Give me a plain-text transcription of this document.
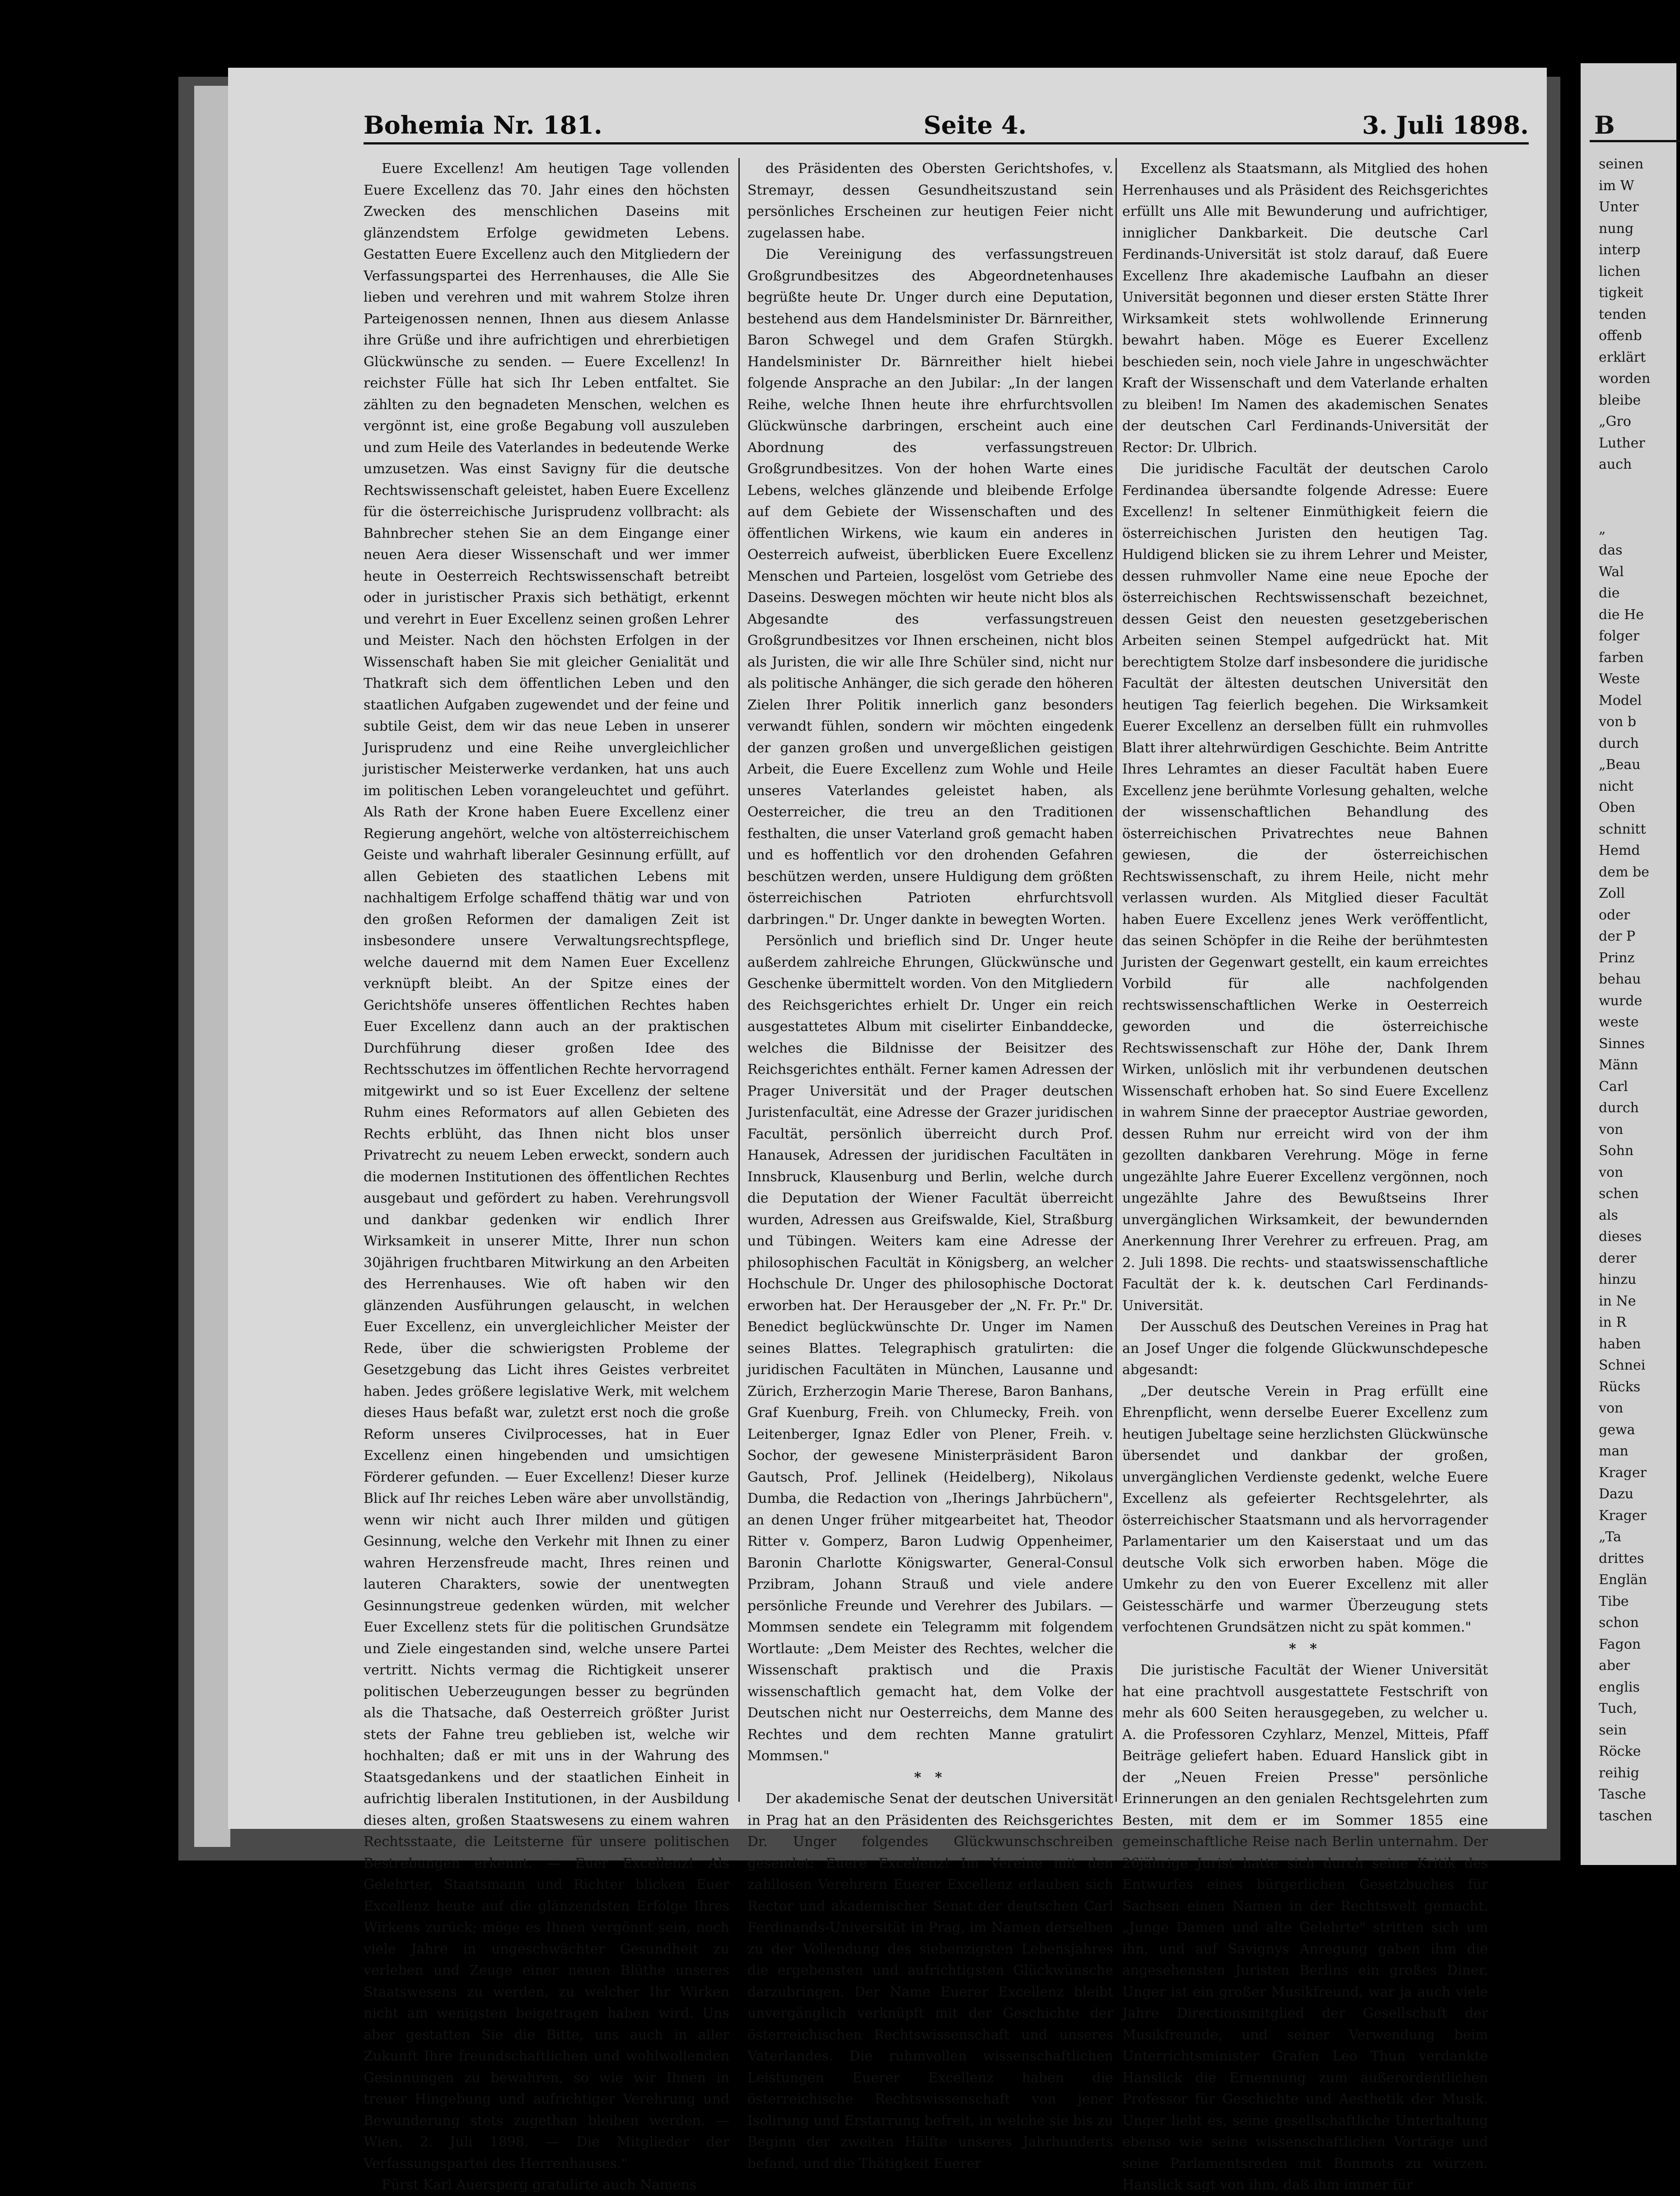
Bohemia Nr. 181.	Seite 4.	3. Juli 1898.

Euere Excellenz! Am heutigen Tage vollenden Euere Excellenz das 70. Jahr eines den höchsten Zwecken des menschlichen Daseins mit glänzendstem Erfolge gewidmeten Lebens. Gestatten Euere Excellenz auch den Mitgliedern der Verfassungspartei des Herrenhauses, die Alle Sie lieben und verehren und mit wahrem Stolze ihren Parteigenossen nennen, Ihnen aus diesem Anlasse ihre Grüße und ihre aufrichtigen und ehrerbietigen Glückwünsche zu senden. — Euere Excellenz! In reichster Fülle hat sich Ihr Leben entfaltet. Sie zählten zu den begnadeten Menschen, welchen es vergönnt ist, eine große Begabung voll auszuleben und zum Heile des Vaterlandes in bedeutende Werke umzusetzen. Was einst Savigny für die deutsche Rechtswissenschaft geleistet, haben Euere Excellenz für die österreichische Jurisprudenz vollbracht: als Bahnbrecher stehen Sie an dem Eingange einer neuen Aera dieser Wissenschaft und wer immer heute in Oesterreich Rechtswissenschaft betreibt oder in juristischer Praxis sich bethätigt, erkennt und verehrt in Euer Excellenz seinen großen Lehrer und Meister. Nach den höchsten Erfolgen in der Wissenschaft haben Sie mit gleicher Genialität und Thatkraft sich dem öffentlichen Leben und den staatlichen Aufgaben zugewendet und der feine und subtile Geist, dem wir das neue Leben in unserer Jurisprudenz und eine Reihe unvergleichlicher juristischer Meisterwerke verdanken, hat uns auch im politischen Leben vorangeleuchtet und geführt. Als Rath der Krone haben Euere Excellenz einer Regierung angehört, welche von altösterreichischem Geiste und wahrhaft liberaler Gesinnung erfüllt, auf allen Gebieten des staatlichen Lebens mit nachhaltigem Erfolge schaffend thätig war und von den großen Reformen der damaligen Zeit ist insbesondere unsere Verwaltungsrechtspflege, welche dauernd mit dem Namen Euer Excellenz verknüpft bleibt. An der Spitze eines der Gerichtshöfe unseres öffentlichen Rechtes haben Euer Excellenz dann auch an der praktischen Durchführung dieser großen Idee des Rechtsschutzes im öffentlichen Rechte hervorragend mitgewirkt und so ist Euer Excellenz der seltene Ruhm eines Reformators auf allen Gebieten des Rechts erblüht, das Ihnen nicht blos unser Privatrecht zu neuem Leben erweckt, sondern auch die modernen Institutionen des öffentlichen Rechtes ausgebaut und gefördert zu haben. Verehrungsvoll und dankbar gedenken wir endlich Ihrer Wirksamkeit in unserer Mitte, Ihrer nun schon 30jährigen fruchtbaren Mitwirkung an den Arbeiten des Herrenhauses. Wie oft haben wir den glänzenden Ausführungen gelauscht, in welchen Euer Excellenz, ein unvergleichlicher Meister der Rede, über die schwierigsten Probleme der Gesetzgebung das Licht ihres Geistes verbreitet haben. Jedes größere legislative Werk, mit welchem dieses Haus befaßt war, zuletzt erst noch die große Reform unseres Civilprocesses, hat in Euer Excellenz einen hingebenden und umsichtigen Förderer gefunden. — Euer Excellenz! Dieser kurze Blick auf Ihr reiches Leben wäre aber unvollständig, wenn wir nicht auch Ihrer milden und gütigen Gesinnung, welche den Verkehr mit Ihnen zu einer wahren Herzensfreude macht, Ihres reinen und lauteren Charakters, sowie der unentwegten Gesinnungstreue gedenken würden, mit welcher Euer Excellenz stets für die politischen Grundsätze und Ziele eingestanden sind, welche unsere Partei vertritt. Nichts vermag die Richtigkeit unserer politischen Ueberzeugungen besser zu begründen als die Thatsache, daß Oesterreich größter Jurist stets der Fahne treu geblieben ist, welche wir hochhalten; daß er mit uns in der Wahrung des Staatsgedankens und der staatlichen Einheit in aufrichtig liberalen Institutionen, in der Ausbildung dieses alten, großen Staatswesens zu einem wahren Rechtsstaate, die Leitsterne für unsere politischen Bestrebungen erkennt. — Euer Excellenz! Als Gelehrter, Staatsmann und Richter blicken Euer Excellenz heute auf die glänzendsten Erfolge Ihres Wirkens zurück; möge es Ihnen vergönnt sein, noch viele Jahre in ungeschwächter Gesundheit zu verleben und Zeuge einer neuen Blüthe unseres Staatswesens zu werden, zu welcher Ihr Wirken nicht am wenigsten beigetragen haben wird. Uns aber gestatten Sie die Bitte, uns auch in aller Zukunft Ihre freundschaftlichen und wohlwollenden Gesinnungen zu bewahren, so wie wir Ihnen in treuer Hingebung und aufrichtiger Verehrung und Bewunderung stets zugethan bleiben werden. — Wien, 2. Juli 1898. — Die Mitglieder der Verfassungspartei des Herrenhauses."

Fürst Karl Auersperg gratulirte auch Namens

des Präsidenten des Obersten Gerichtshofes, v. Stremayr, dessen Gesundheitszustand sein persönliches Erscheinen zur heutigen Feier nicht zugelassen habe.

Die Vereinigung des verfassungstreuen Großgrundbesitzes des Abgeordnetenhauses begrüßte heute Dr. Unger durch eine Deputation, bestehend aus dem Handelsminister Dr. Bärnreither, Baron Schwegel und dem Grafen Stürgkh. Handelsminister Dr. Bärnreither hielt hiebei folgende Ansprache an den Jubilar: „In der langen Reihe, welche Ihnen heute ihre ehrfurchtsvollen Glückwünsche darbringen, erscheint auch eine Abordnung des verfassungstreuen Großgrundbesitzes. Von der hohen Warte eines Lebens, welches glänzende und bleibende Erfolge auf dem Gebiete der Wissenschaften und des öffentlichen Wirkens, wie kaum ein anderes in Oesterreich aufweist, überblicken Euere Excellenz Menschen und Parteien, losgelöst vom Getriebe des Daseins. Deswegen möchten wir heute nicht blos als Abgesandte des verfassungstreuen Großgrundbesitzes vor Ihnen erscheinen, nicht blos als Juristen, die wir alle Ihre Schüler sind, nicht nur als politische Anhänger, die sich gerade den höheren Zielen Ihrer Politik innerlich ganz besonders verwandt fühlen, sondern wir möchten eingedenk der ganzen großen und unvergeßlichen geistigen Arbeit, die Euere Excellenz zum Wohle und Heile unseres Vaterlandes geleistet haben, als Oesterreicher, die treu an den Traditionen festhalten, die unser Vaterland groß gemacht haben und es hoffentlich vor den drohenden Gefahren beschützen werden, unsere Huldigung dem größten österreichischen Patrioten ehrfurchtsvoll darbringen." Dr. Unger dankte in bewegten Worten.

Persönlich und brieflich sind Dr. Unger heute außerdem zahlreiche Ehrungen, Glückwünsche und Geschenke übermittelt worden. Von den Mitgliedern des Reichsgerichtes erhielt Dr. Unger ein reich ausgestattetes Album mit ciselirter Einbanddecke, welches die Bildnisse der Beisitzer des Reichsgerichtes enthält. Ferner kamen Adressen der Prager Universität und der Prager deutschen Juristenfacultät, eine Adresse der Grazer juridischen Facultät, persönlich überreicht durch Prof. Hanausek, Adressen der juridischen Facultäten in Innsbruck, Klausenburg und Berlin, welche durch die Deputation der Wiener Facultät überreicht wurden, Adressen aus Greifswalde, Kiel, Straßburg und Tübingen. Weiters kam eine Adresse der philosophischen Facultät in Königsberg, an welcher Hochschule Dr. Unger des philosophische Doctorat erworben hat. Der Herausgeber der „N. Fr. Pr." Dr. Benedict beglückwünschte Dr. Unger im Namen seines Blattes. Telegraphisch gratulirten: die juridischen Facultäten in München, Lausanne und Zürich, Erzherzogin Marie Therese, Baron Banhans, Graf Kuenburg, Freih. von Chlumecky, Freih. von Leitenberger, Ignaz Edler von Plener, Freih. v. Sochor, der gewesene Ministerpräsident Baron Gautsch, Prof. Jellinek (Heidelberg), Nikolaus Dumba, die Redaction von „Iherings Jahrbüchern", an denen Unger früher mitgearbeitet hat, Theodor Ritter v. Gomperz, Baron Ludwig Oppenheimer, Baronin Charlotte Königswarter, General-Consul Przibram, Johann Strauß und viele andere persönliche Freunde und Verehrer des Jubilars. — Mommsen sendete ein Telegramm mit folgendem Wortlaute: „Dem Meister des Rechtes, welcher die Wissenschaft praktisch und die Praxis wissenschaftlich gemacht hat, dem Volke der Deutschen nicht nur Oesterreichs, dem Manne des Rechtes und dem rechten Manne gratulirt Mommsen."

* *

Der akademische Senat der deutschen Universität in Prag hat an den Präsidenten des Reichsgerichtes Dr. Unger folgendes Glückwunschschreiben gesendet: Euere Excellenz! Im Vereine mit den zahllosen Verehrern Euerer Excellenz erlauben sich Rector und akademischer Senat der deutschen Carl Ferdinands-Universität in Prag, im Namen derselben zu der Vollendung des siebenzigsten Lebensjahres die ergebensten und aufrichtigsten Glückwünsche darzubringen. Der Name Euerer Excellenz bleibt unvergänglich verknüpft mit der Geschichte der österreichischen Rechtswissenschaft und unseres Vaterlandes. Die ruhmvollen wissenschaftlichen Leistungen Euerer Excellenz haben die österreichische Rechtswissenschaft von jener Isolirung und Erstarrung befreit, in welche sie bis zu Beginn der zweiten Hälfte unseres Jahrhunderts befand, und die Thätigkeit Euerer

Excellenz als Staatsmann, als Mitglied des hohen Herrenhauses und als Präsident des Reichsgerichtes erfüllt uns Alle mit Bewunderung und aufrichtiger, inniglicher Dankbarkeit. Die deutsche Carl Ferdinands-Universität ist stolz darauf, daß Euere Excellenz Ihre akademische Laufbahn an dieser Universität begonnen und dieser ersten Stätte Ihrer Wirksamkeit stets wohlwollende Erinnerung bewahrt haben. Möge es Euerer Excellenz beschieden sein, noch viele Jahre in ungeschwächter Kraft der Wissenschaft und dem Vaterlande erhalten zu bleiben! Im Namen des akademischen Senates der deutschen Carl Ferdinands-Universität der Rector: Dr. Ulbrich.

Die juridische Facultät der deutschen Carolo Ferdinandea übersandte folgende Adresse: Euere Excellenz! In seltener Einmüthigkeit feiern die österreichischen Juristen den heutigen Tag. Huldigend blicken sie zu ihrem Lehrer und Meister, dessen ruhmvoller Name eine neue Epoche der österreichischen Rechtswissenschaft bezeichnet, dessen Geist den neuesten gesetzgeberischen Arbeiten seinen Stempel aufgedrückt hat. Mit berechtigtem Stolze darf insbesondere die juridische Facultät der ältesten deutschen Universität den heutigen Tag feierlich begehen. Die Wirksamkeit Euerer Excellenz an derselben füllt ein ruhmvolles Blatt ihrer altehrwürdigen Geschichte. Beim Antritte Ihres Lehramtes an dieser Facultät haben Euere Excellenz jene berühmte Vorlesung gehalten, welche der wissenschaftlichen Behandlung des österreichischen Privatrechtes neue Bahnen gewiesen, die der österreichischen Rechtswissenschaft, zu ihrem Heile, nicht mehr verlassen wurden. Als Mitglied dieser Facultät haben Euere Excellenz jenes Werk veröffentlicht, das seinen Schöpfer in die Reihe der berühmtesten Juristen der Gegenwart gestellt, ein kaum erreichtes Vorbild für alle nachfolgenden rechtswissenschaftlichen Werke in Oesterreich geworden und die österreichische Rechtswissenschaft zur Höhe der, Dank Ihrem Wirken, unlöslich mit ihr verbundenen deutschen Wissenschaft erhoben hat. So sind Euere Excellenz in wahrem Sinne der praeceptor Austriae geworden, dessen Ruhm nur erreicht wird von der ihm gezollten dankbaren Verehrung. Möge in ferne ungezählte Jahre Euerer Excellenz vergönnen, noch ungezählte Jahre des Bewußtseins Ihrer unvergänglichen Wirksamkeit, der bewundernden Anerkennung Ihrer Verehrer zu erfreuen. Prag, am 2. Juli 1898. Die rechts- und staatswissenschaftliche Facultät der k. k. deutschen Carl Ferdinands-Universität.

Der Ausschuß des Deutschen Vereines in Prag hat an Josef Unger die folgende Glückwunschdepesche abgesandt:

„Der deutsche Verein in Prag erfüllt eine Ehrenpflicht, wenn derselbe Euerer Excellenz zum heutigen Jubeltage seine herzlichsten Glückwünsche übersendet und dankbar der großen, unvergänglichen Verdienste gedenkt, welche Euere Excellenz als gefeierter Rechtsgelehrter, als österreichischer Staatsmann und als hervorragender Parlamentarier um den Kaiserstaat und um das deutsche Volk sich erworben haben. Möge die Umkehr zu den von Euerer Excellenz mit aller Geistesschärfe und warmer Überzeugung stets verfochtenen Grundsätzen nicht zu spät kommen."

* *

Die juristische Facultät der Wiener Universität hat eine prachtvoll ausgestattete Festschrift von mehr als 600 Seiten herausgegeben, zu welcher u. A. die Professoren Czyhlarz, Menzel, Mitteis, Pfaff Beiträge geliefert haben. Eduard Hanslick gibt in der „Neuen Freien Presse" persönliche Erinnerungen an den genialen Rechtsgelehrten zum Besten, mit dem er im Sommer 1855 eine gemeinschaftliche Reise nach Berlin unternahm. Der 26jährige Jurist hatte sich durch seine Kritik des Entwurfes eines bürgerlichen Gesetzbuches für Sachsen einen Namen in der Rechtswelt gemacht. „Junge Damen und alte Gelehrte" stritten sich um ihn, und auf Savignys Anregung gaben ihm die angesehensten Juristen Berlins ein großes Diner. Unger ist ein großer Musikfreund, war ja auch viele Jahre Directionsmitglied der Gesellschaft der Musikfreunde, und seiner Verwendung beim Unterrichtsminister Grafen Leo Thun verdankte Hanslick die Ernennung zum außerordentlichen Professor für Geschichte und Aesthetik der Musik. Unger liebt es, seine gesellschaftliche Unterhaltung ebenso wie seine wissenschaftlichen Vorträge und seine Parlamentsreden mit Bonmots zu würzen. Hanslick sagt von ihm, daß ihm immer für

B
seinen
im W
Unter
nung
interp
lichen
tigkeit
tenden
offenb
erklärt
worden
bleibe
„Gro
Luther
auch
„
das
Wal
die
die He
folger
farben
Weste
Model
von b
durch
„Beau
nicht
Oben
schnitt
Hemd
dem be
Zoll
oder
der P
Prinz
behau
wurde
weste
Sinnes
Männ
Carl
durch
von
Sohn
von
schen
als
dieses
derer
hinzu
in Ne
in R
haben
Schnei
Rücks
von
gewa
man
Krager
Dazu
Krager
„Ta
drittes
Englän
Tibe
schon
Fagon
aber
englis
Tuch,
sein
Röcke
reihig
Tasche
taschen
